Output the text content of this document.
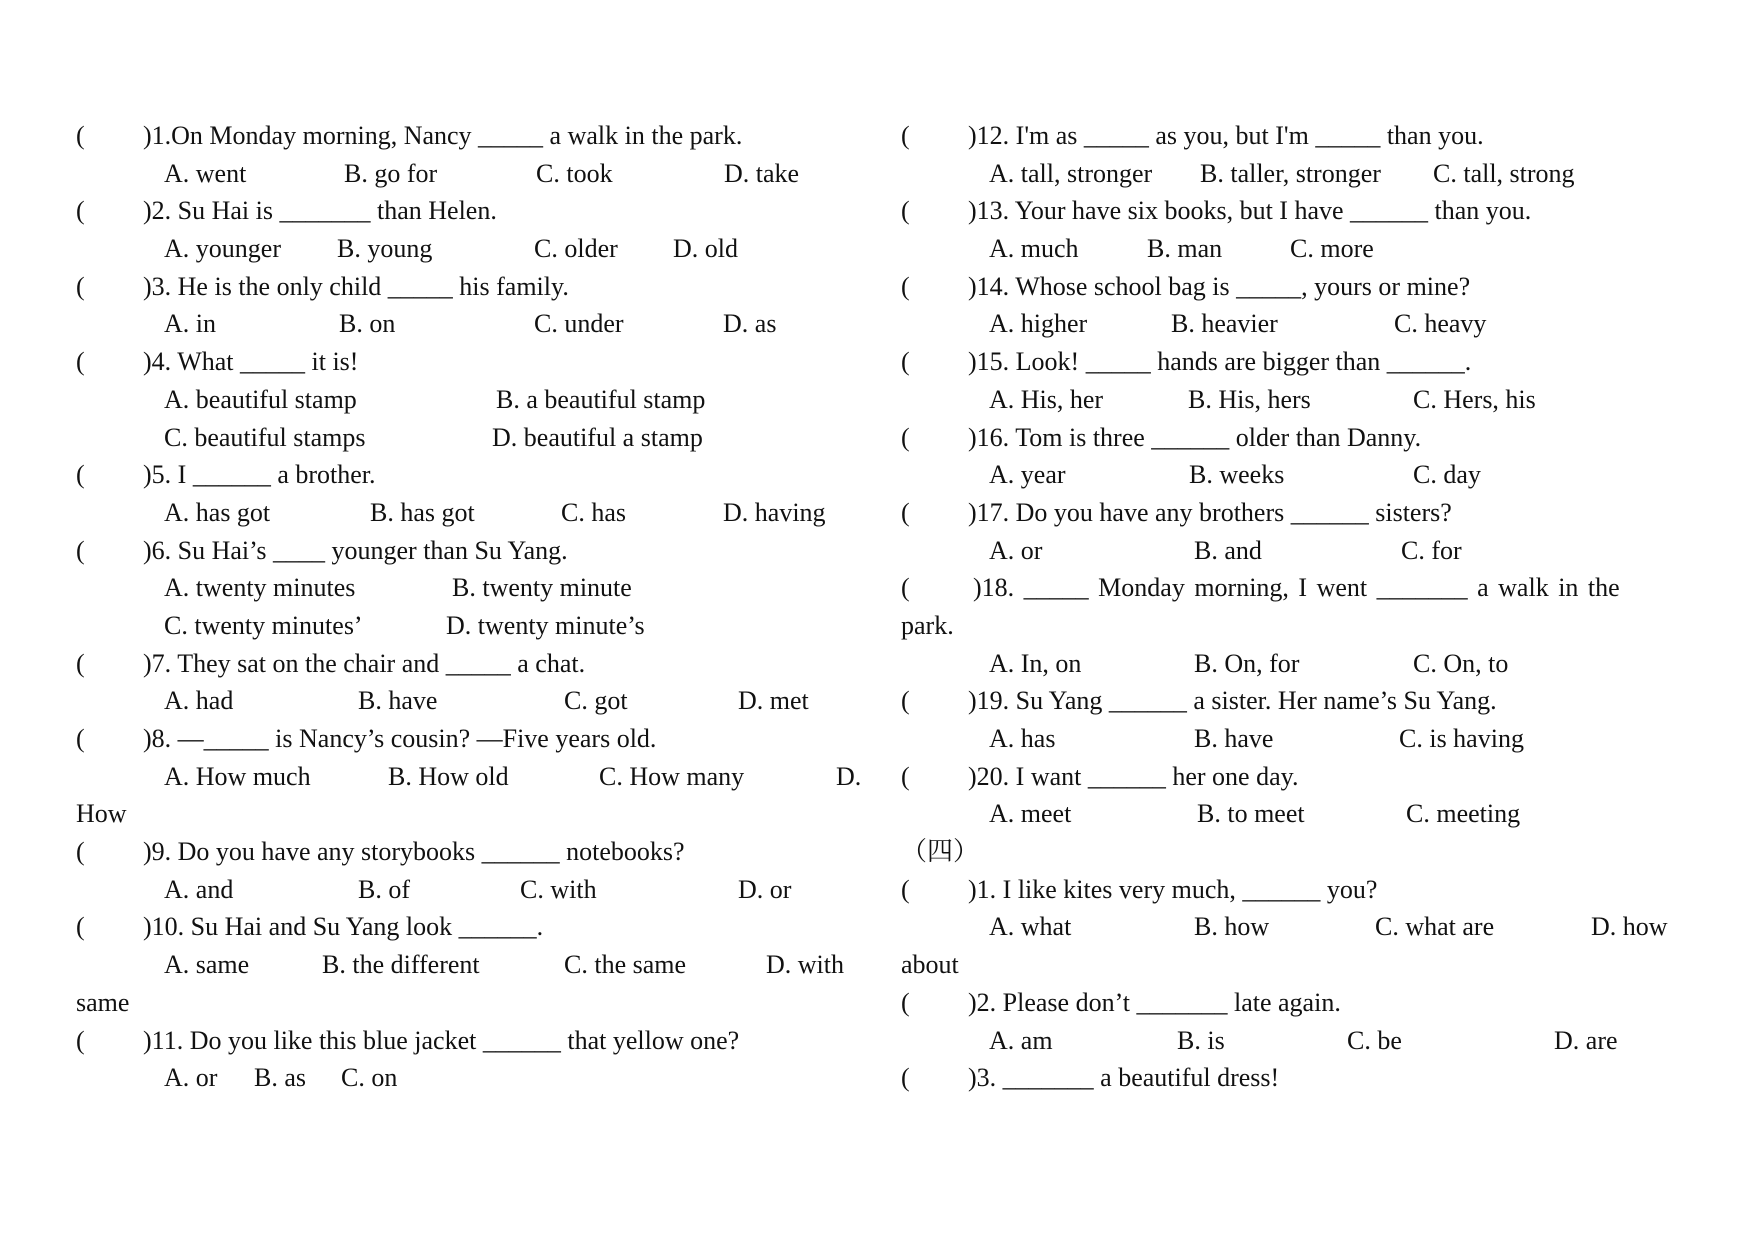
( )1.On Monday morning, Nancy _____ a walk in the park.
A. went	B. go for	C. took	D. take
( )2. Su Hai is _______ than Helen.
A. younger B. young	C. older D. old
( )3. He is the only child _____ his family.
A. in	B. on	C. under	D. as
( )4. What _____ it is!
A. beautiful stamp	B. a beautiful stamp
C. beautiful stamps	D. beautiful a stamp
( )5. I ______ a brother.
A. has got	B. has got	C. has	D. having
( )6. Su Hai’s ____ younger than Su Yang.
A. twenty minutes	B. twenty minute
C. twenty minutes’	D. twenty minute’s
( )7. They sat on the chair and _____ a chat.
A. had	B. have	C. got	D. met
( )8. —_____ is Nancy’s cousin? —Five years old.
A. How much	B. How old	C. How many	D.
How
( )9. Do you have any storybooks ______ notebooks?
A. and	B. of	C. with	D. or
( )10. Su Hai and Su Yang look ______.
A. same	B. the different	C. the same	D. with
same
( )11. Do you like this blue jacket ______ that yellow one?
A. or B. as C. on
( )12. I'm as _____ as you, but I'm _____ than you.
A. tall, stronger B. taller, stronger C. tall, strong
( )13. Your have six books, but I have ______ than you.
A. much	B. man	C. more
( )14. Whose school bag is _____, yours or mine?
A. higher	B. heavier	C. heavy
( )15. Look! _____ hands are bigger than ______.
A. His, her	B. His, hers	C. Hers, his
( )16. Tom is three ______ older than Danny.
A. year	B. weeks	C. day
( )17. Do you have any brothers ______ sisters?
A. or	B. and	C. for
( )18. _____ Monday morning, I went _______ a walk in the
park.
A. In, on	B. On, for	C. On, to
( )19. Su Yang ______ a sister. Her name’s Su Yang.
A. has	B. have	C. is having
( )20. I want ______ her one day.
A. meet	B. to meet	C. meeting
（四）
( )1. I like kites very much, ______ you?
A. what	B. how	C. what are	D. how
about
( )2. Please don’t _______ late again.
A. am	B. is	C. be	D. are
( )3. _______ a beautiful dress!
